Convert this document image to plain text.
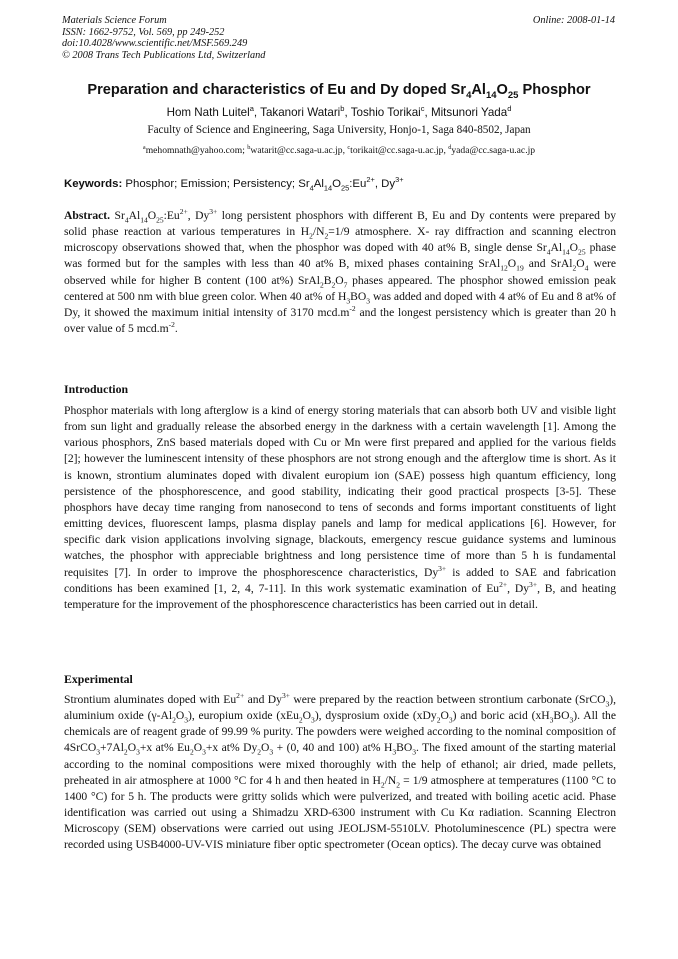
Materials Science Forum
ISSN: 1662-9752, Vol. 569, pp 249-252
doi:10.4028/www.scientific.net/MSF.569.249
© 2008 Trans Tech Publications Ltd, Switzerland
Online: 2008-01-14
Preparation and characteristics of Eu and Dy doped $Sr_4Al_{14}O_{25}$ Phosphor
Hom Nath Luitel$^a$, Takanori Watari$^b$, Toshio Torikai$^c$, Mitsunori Yada$^d$
Faculty of Science and Engineering, Saga University, Honjo-1, Saga 840-8502, Japan
$^a$mehomnath@yahoo.com; $^b$watarit@cc.saga-u.ac.jp, $^c$torikait@cc.saga-u.ac.jp, $^d$yada@cc.saga-u.ac.jp
Keywords: Phosphor; Emission; Persistency; $Sr_4Al_{14}O_{25}:Eu^{2+}$, $Dy^{3+}$
Abstract. $Sr_4Al_{14}O_{25}:Eu^{2+}$, $Dy^{3+}$ long persistent phosphors with different B, Eu and Dy contents were prepared by solid phase reaction at various temperatures in $H_2/N_2=1/9$ atmosphere. X- ray diffraction and scanning electron microscopy observations showed that, when the phosphor was doped with 40 at% B, single dense $Sr_4Al_{14}O_{25}$ phase was formed but for the samples with less than 40 at% B, mixed phases containing $SrAl_{12}O_{19}$ and $SrAl_2O_4$ were observed while for higher B content (100 at%) $SrAl_2B_2O_7$ phases appeared. The phosphor showed emission peak centered at 500 nm with blue green color. When 40 at% of $H_3BO_3$ was added and doped with 4 at% of Eu and 8 at% of Dy, it showed the maximum initial intensity of 3170 $mcd.m^{-2}$ and the longest persistency which is greater than 20 h over value of 5 $mcd.m^{-2}$.
Introduction
Phosphor materials with long afterglow is a kind of energy storing materials that can absorb both UV and visible light from sun light and gradually release the absorbed energy in the darkness with a certain wavelength [1]. Among the various phosphors, ZnS based materials doped with Cu or Mn were first prepared and applied for the various fields [2]; however the luminescent intensity of these phosphors are not strong enough and the afterglow time is short. As it is known, strontium aluminates doped with divalent europium ion (SAE) possess high quantum efficiency, long persistence of the phosphorescence, and good stability, indicating their good practical prospects [3-5]. These phosphors have decay time ranging from nanosecond to tens of seconds and forms important constituents of light emitting devices, fluorescent lamps, plasma display panels and lamp for medical applications [6]. However, for specific dark vision applications involving signage, blackouts, emergency rescue guidance systems and luminous watches, the phosphor with appreciable brightness and long persistence time of more than 5 h is fundamental requisites [7]. In order to improve the phosphorescence characteristics, $Dy^{3+}$ is added to SAE and fabrication conditions has been examined [1, 2, 4, 7-11]. In this work systematic examination of $Eu^{2+}$, $Dy^{3+}$, B, and heating temperature for the improvement of the phosphorescence characteristics has been carried out in detail.
Experimental
Strontium aluminates doped with $Eu^{2+}$ and $Dy^{3+}$ were prepared by the reaction between strontium carbonate (SrCO$_3$), aluminium oxide $(\gamma-Al_2O_3)$, europium oxide $(xEu_2O_3)$, dysprosium oxide $(xDy_2O_3)$ and boric acid $(xH_3BO_3)$. All the chemicals are of reagent grade of 99.99 % purity. The powders were weighed according to the nominal composition of $4SrCO_3+7Al_2O_3+x$ at% $Eu_2O_3+x$ at% $Dy_2O_3 + (0$, 40 and 100) at% $H_3BO_3$. The fixed amount of the starting material according to the nominal compositions were mixed thoroughly with the help of ethanol; air dried, made pellets, preheated in air atmosphere at 1000 °C for 4 h and then heated in $H_2/N_2 = 1/9$ atmosphere at temperatures (1100 °C to 1400 °C) for 5 h. The products were gritty solids which were pulverized, and treated with boiling acetic acid. Phase identification was carried out using a Shimadzu XRD-6300 instrument with Cu Kα radiation. Scanning Electron Microscopy (SEM) observations were carried out using JEOLJSM-5510LV. Photoluminescence (PL) spectra were recorded using USB4000-UV-VIS miniature fiber optic spectrometer (Ocean optics). The decay curve was obtained
